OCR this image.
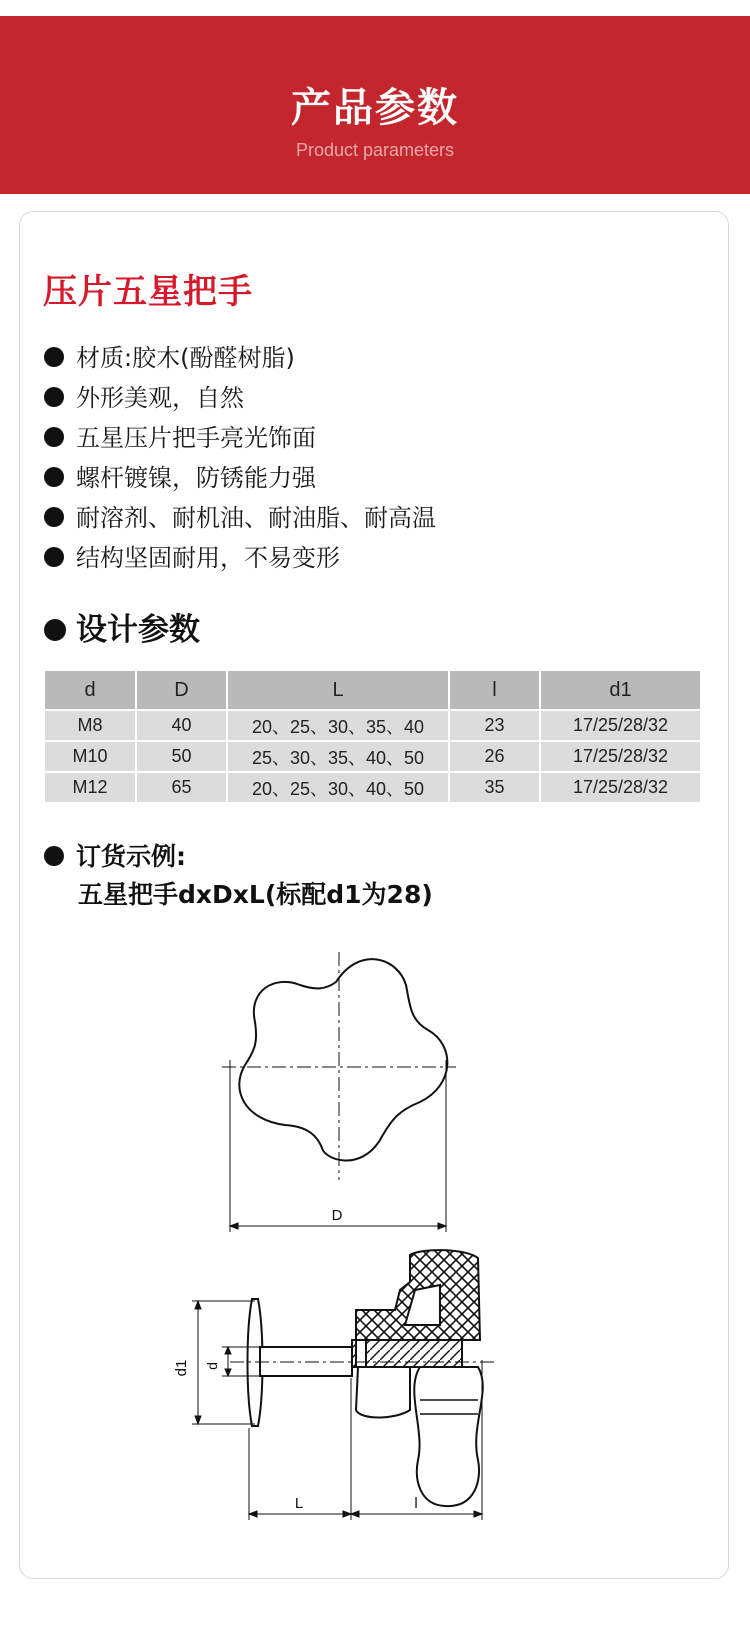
产品参数
Product parameters
压片五星把手
材质:胶木(酚醛树脂)
外形美观，自然
五星压片把手亮光饰面
螺杆镀镍，防锈能力强
耐溶剂、耐机油、耐油脂、耐高温
结构坚固耐用，不易变形
设计参数
d	D	L	l	d1
M8	40	20、25、30、35、40	23	17/25/28/32
M10	50	25、30、35、40、50	26	17/25/28/32
M12	65	20、25、30、40、50	35	17/25/28/32
订货示例:
五星把手dxDxL(标配d1为28)
D
d1 d
L	l
